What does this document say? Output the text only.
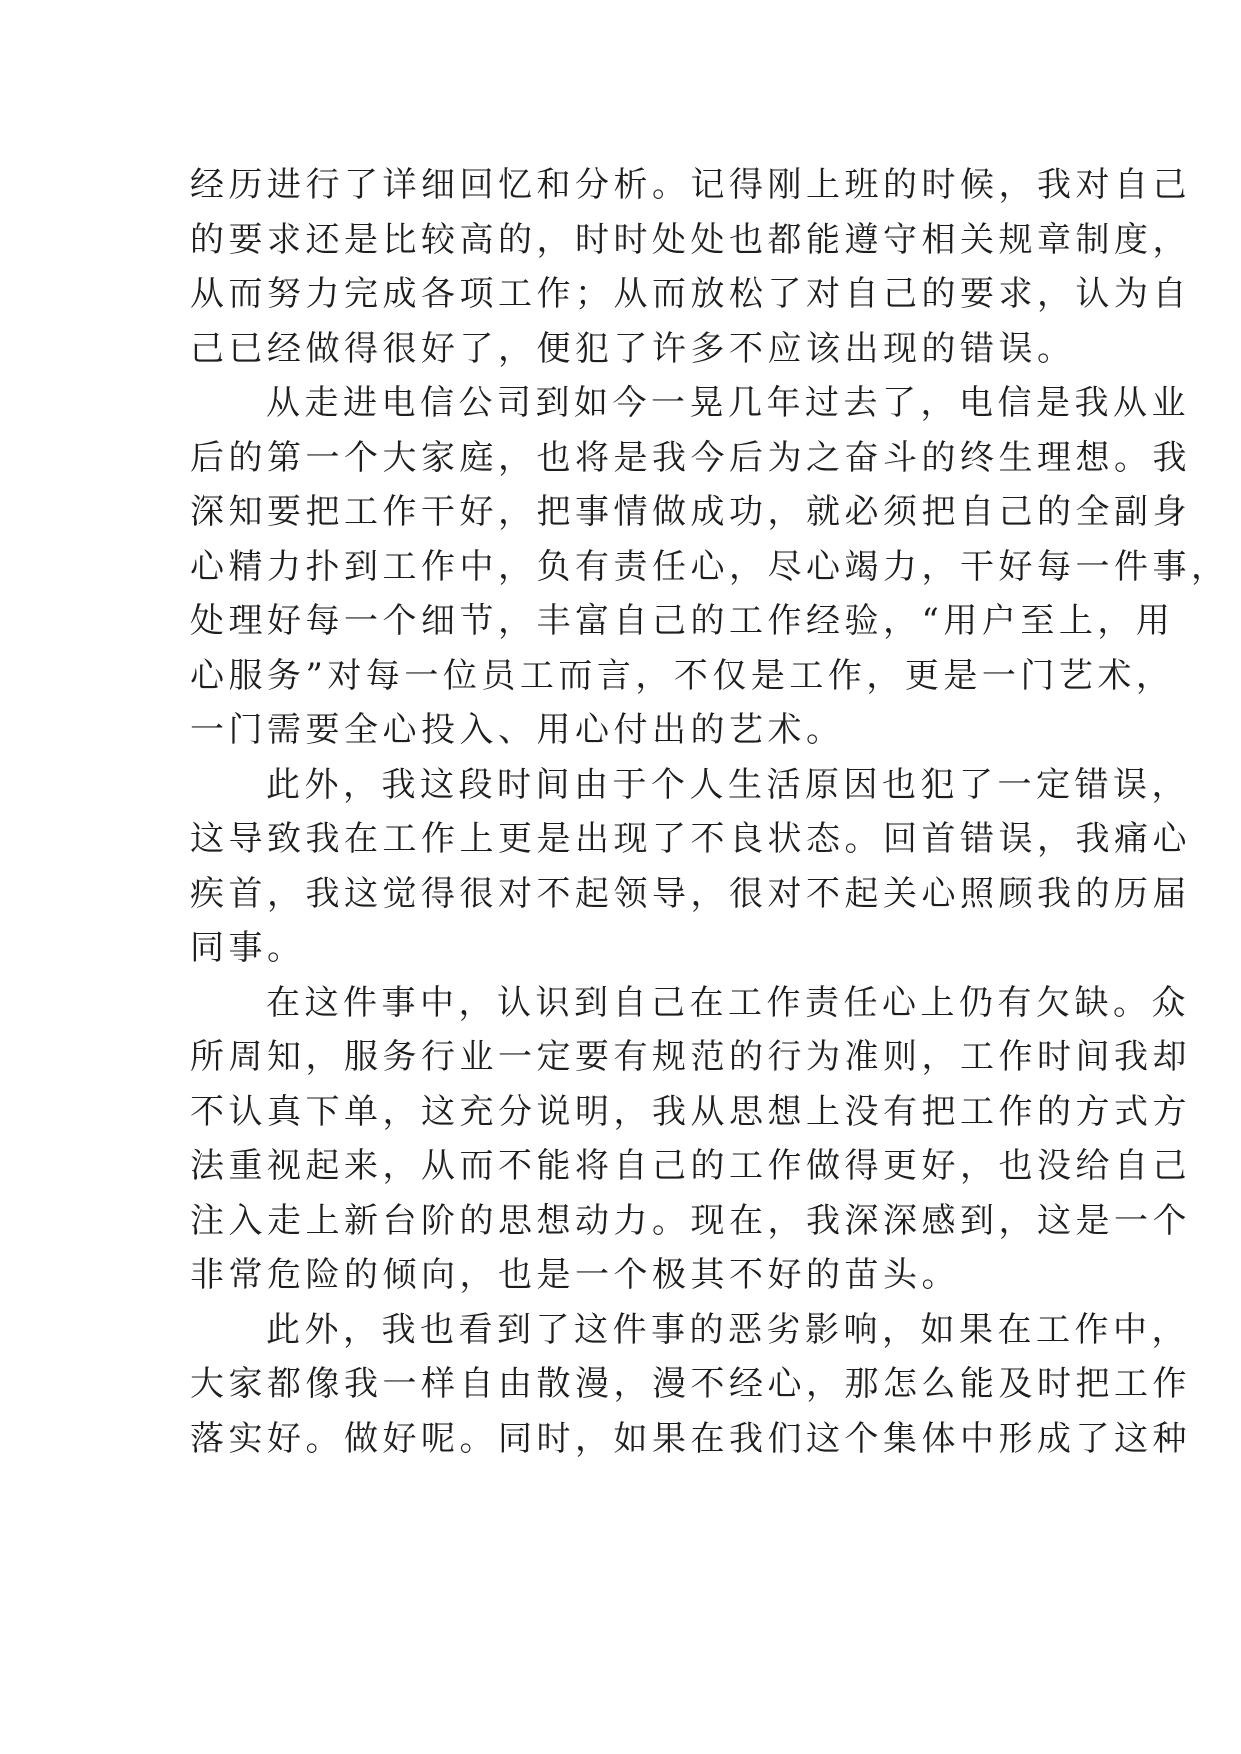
经历进行了详细回忆和分析。记得刚上班的时候，我对自己
的要求还是比较高的，时时处处也都能遵守相关规章制度，
从而努力完成各项工作；从而放松了对自己的要求，认为自
己已经做得很好了，便犯了许多不应该出现的错误。
从走进电信公司到如今一晃几年过去了，电信是我从业
后的第一个大家庭，也将是我今后为之奋斗的终生理想。我
深知要把工作干好，把事情做成功，就必须把自己的全副身
心精力扑到工作中，负有责任心，尽心竭力，干好每一件事，
处理好每一个细节，丰富自己的工作经验，“用户至上，用
心服务”对每一位员工而言，不仅是工作，更是一门艺术，
一门需要全心投入、用心付出的艺术。
此外，我这段时间由于个人生活原因也犯了一定错误，
这导致我在工作上更是出现了不良状态。回首错误，我痛心
疾首，我这觉得很对不起领导，很对不起关心照顾我的历届
同事。
在这件事中，认识到自己在工作责任心上仍有欠缺。众
所周知，服务行业一定要有规范的行为准则，工作时间我却
不认真下单，这充分说明，我从思想上没有把工作的方式方
法重视起来，从而不能将自己的工作做得更好，也没给自己
注入走上新台阶的思想动力。现在，我深深感到，这是一个
非常危险的倾向，也是一个极其不好的苗头。
此外，我也看到了这件事的恶劣影响，如果在工作中，
大家都像我一样自由散漫，漫不经心，那怎么能及时把工作
落实好。做好呢。同时，如果在我们这个集体中形成了这种
